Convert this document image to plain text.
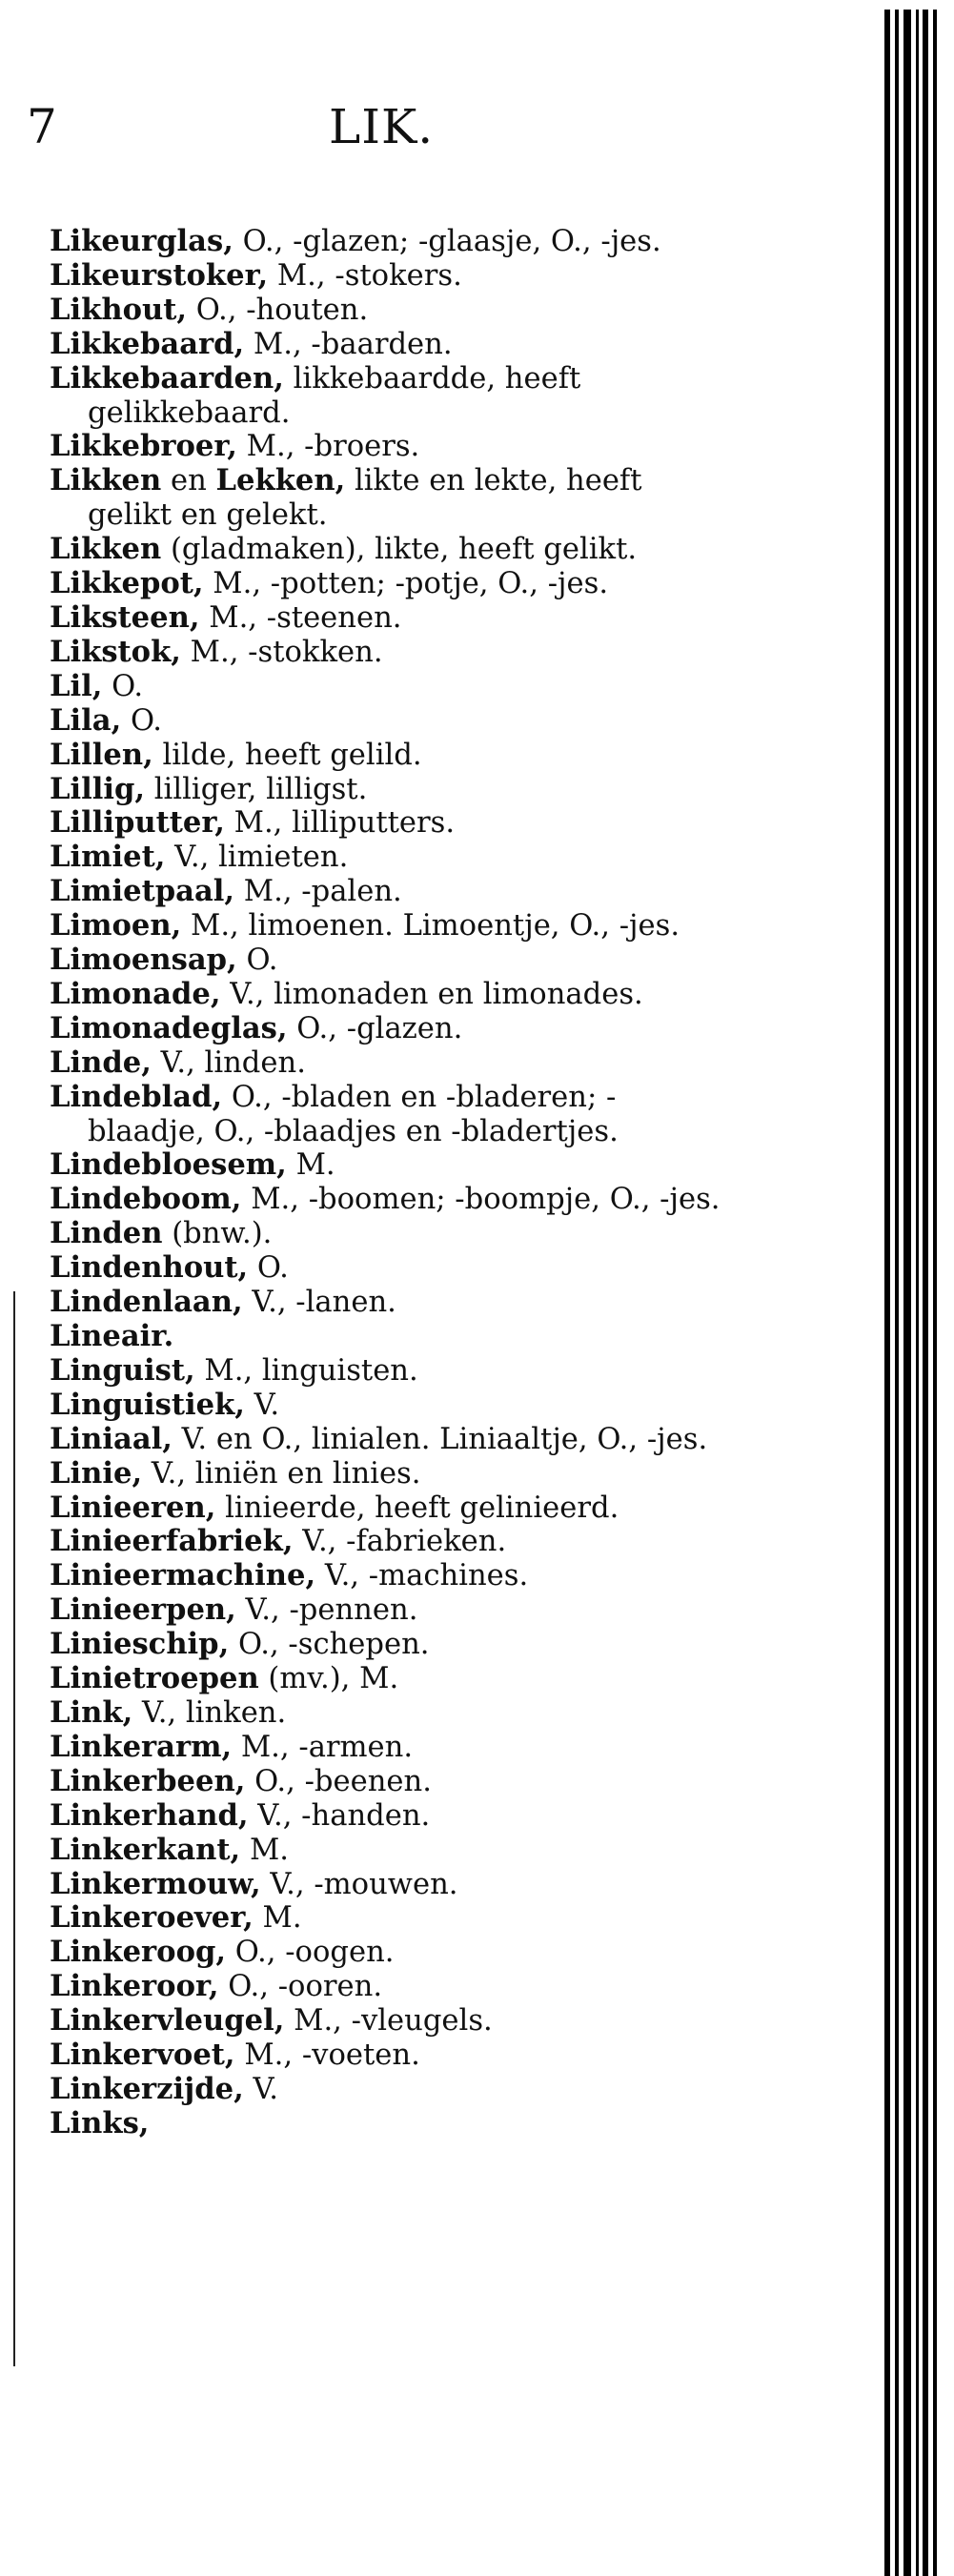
7	LIK.
Likeurglas, O., -glazen; -glaasje, O., -jes.
Likeurstoker, M., -stokers.
Likhout, O., -houten.
Likkebaard, M., -baarden.
Likkebaarden, likkebaardde, heeft gelikkebaard.
Likkebroer, M., -broers.
Likken en Lekken, likte en lekte, heeft gelikt en gelekt.
Likken (gladmaken), likte, heeft gelikt.
Likkepot, M., -potten; -potje, O., -jes.
Liksteen, M., -steenen.
Likstok, M., -stokken.
Lil, O.
Lila, O.
Lillen, lilde, heeft gelild.
Lillig, lilliger, lilligst.
Lilliputter, M., lilliputters.
Limiet, V., limieten.
Limietpaal, M., -palen.
Limoen, M., limoenen. Limoentje, O., -jes.
Limoensap, O.
Limonade, V., limonaden en limonades.
Limonadeglas, O., -glazen.
Linde, V., linden.
Lindeblad, O., -bladen en -bladeren; -blaadje, O., -blaadjes en -bladertjes.
Lindebloesem, M.
Lindeboom, M., -boomen; -boompje, O., -jes.
Linden (bnw.).
Lindenhout, O.
Lindenlaan, V., -lanen.
Lineair.
Linguist, M., linguisten.
Linguistiek, V.
Liniaal, V. en O., linialen. Liniaaltje, O., -jes.
Linie, V., liniën en linies.
Linieeren, linieerde, heeft gelinieerd.
Linieerfabriek, V., -fabrieken.
Linieermachine, V., -machines.
Linieerpen, V., -pennen.
Linieschip, O., -schepen.
Linietroepen (mv.), M.
Link, V., linken.
Linkerarm, M., -armen.
Linkerbeen, O., -beenen.
Linkerhand, V., -handen.
Linkerkant, M.
Linkermouw, V., -mouwen.
Linkeroever, M.
Linkeroog, O., -oogen.
Linkeroor, O., -ooren.
Linkervleugel, M., -vleugels.
Linkervoet, M., -voeten.
Linkerzijde, V.
Links,
